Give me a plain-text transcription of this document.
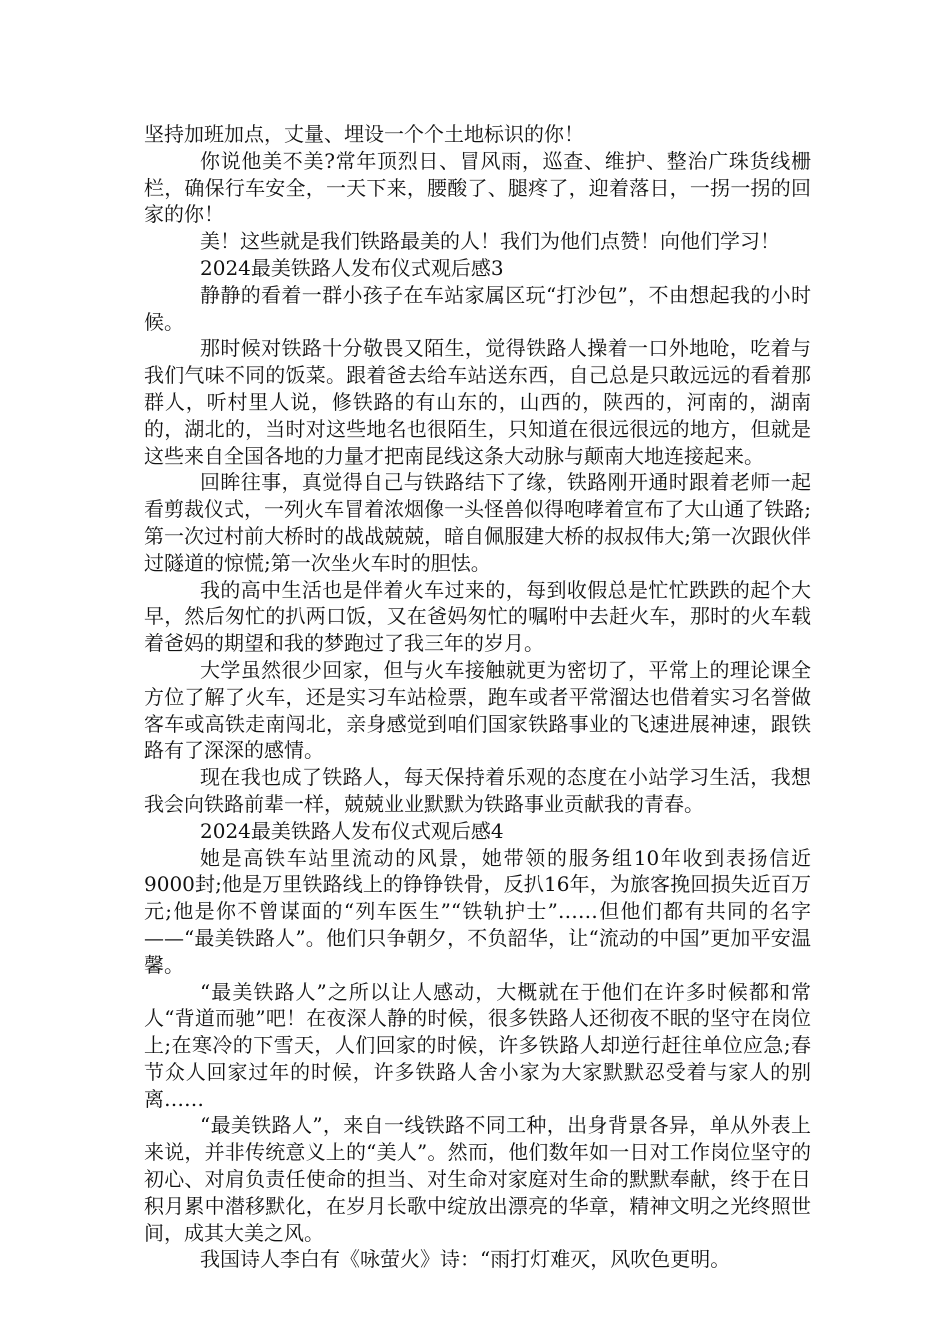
坚持加班加点，丈量、埋设一个个土地标识的你！

你说他美不美?常年顶烈日、冒风雨，巡查、维护、整治广珠货线栅栏，确保行车安全，一天下来，腰酸了、腿疼了，迎着落日，一拐一拐的回家的你！

美！这些就是我们铁路最美的人！我们为他们点赞！向他们学习！

2024最美铁路人发布仪式观后感3

静静的看着一群小孩子在车站家属区玩“打沙包”，不由想起我的小时候。

那时候对铁路十分敬畏又陌生，觉得铁路人操着一口外地呛，吃着与我们气味不同的饭菜。跟着爸去给车站送东西，自己总是只敢远远的看着那群人，听村里人说，修铁路的有山东的，山西的，陕西的，河南的，湖南的，湖北的，当时对这些地名也很陌生，只知道在很远很远的地方，但就是这些来自全国各地的力量才把南昆线这条大动脉与颠南大地连接起来。

回眸往事，真觉得自己与铁路结下了缘，铁路刚开通时跟着老师一起看剪裁仪式，一列火车冒着浓烟像一头怪兽似得咆哮着宣布了大山通了铁路;第一次过村前大桥时的战战兢兢，暗自佩服建大桥的叔叔伟大;第一次跟伙伴过隧道的惊慌;第一次坐火车时的胆怯。

我的高中生活也是伴着火车过来的，每到收假总是忙忙跌跌的起个大早，然后匆忙的扒两口饭，又在爸妈匆忙的嘱咐中去赶火车，那时的火车载着爸妈的期望和我的梦跑过了我三年的岁月。

大学虽然很少回家，但与火车接触就更为密切了，平常上的理论课全方位了解了火车，还是实习车站检票，跑车或者平常溜达也借着实习名誉做客车或高铁走南闯北，亲身感觉到咱们国家铁路事业的飞速进展神速，跟铁路有了深深的感情。

现在我也成了铁路人，每天保持着乐观的态度在小站学习生活，我想我会向铁路前辈一样，兢兢业业默默为铁路事业贡献我的青春。

2024最美铁路人发布仪式观后感4

她是高铁车站里流动的风景，她带领的服务组10年收到表扬信近9000封;他是万里铁路线上的铮铮铁骨，反扒16年，为旅客挽回损失近百万元;他是你不曾谋面的“列车医生”“铁轨护士”……但他们都有共同的名字——“最美铁路人”。他们只争朝夕，不负韶华，让“流动的中国”更加平安温馨。

“最美铁路人”之所以让人感动，大概就在于他们在许多时候都和常人“背道而驰”吧！在夜深人静的时候，很多铁路人还彻夜不眠的坚守在岗位上;在寒冷的下雪天，人们回家的时候，许多铁路人却逆行赶往单位应急;春节众人回家过年的时候，许多铁路人舍小家为大家默默忍受着与家人的别离……

“最美铁路人”，来自一线铁路不同工种，出身背景各异，单从外表上来说，并非传统意义上的“美人”。然而，他们数年如一日对工作岗位坚守的初心、对肩负责任使命的担当、对生命对家庭对生命的默默奉献，终于在日积月累中潜移默化，在岁月长歌中绽放出漂亮的华章，精神文明之光终照世间，成其大美之风。

我国诗人李白有《咏萤火》诗：“雨打灯难灭，风吹色更明。
